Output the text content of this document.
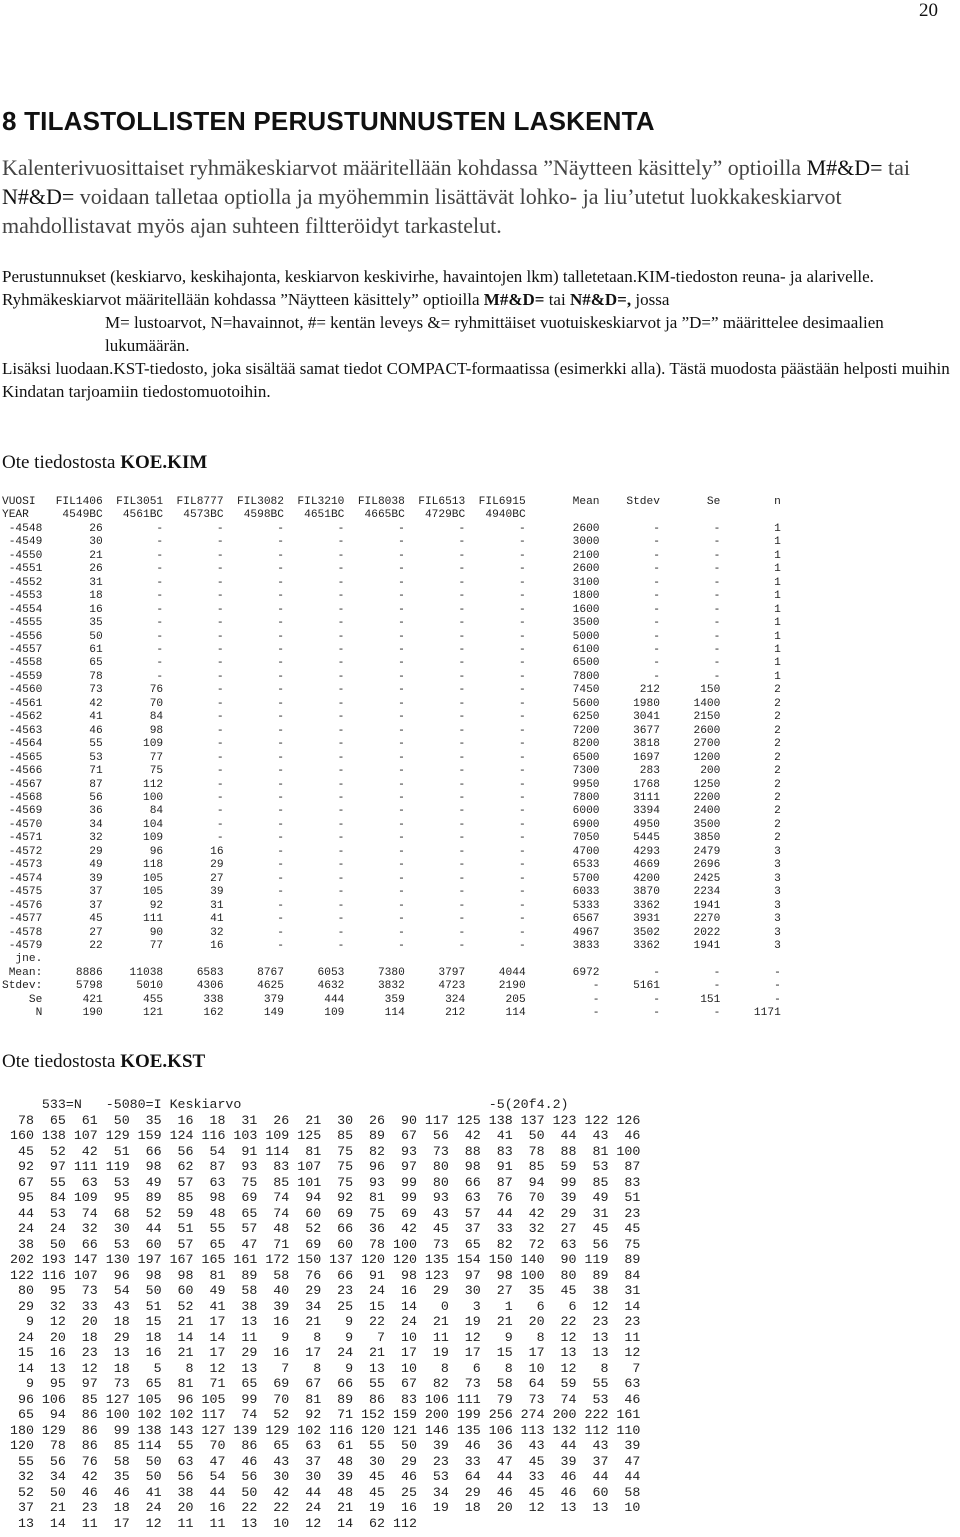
20
8 TILASTOLLISTEN PERUSTUNNUSTEN LASKENTA
Kalenterivuosittaiset ryhmäkeskiarvot määritellään kohdassa ”Näytteen käsittely” optioilla M#&D= tai N#&D= voidaan talletaa optiolla ja myöhemmin lisättävät lohko- ja liu’utetut luokkakeskiarvot mahdollistavat myös ajan suhteen filtteröidyt tarkastelut.
Perustunnukset (keskiarvo, keskihajonta, keskiarvon keskivirhe, havaintojen lkm) talletetaan.KIM-tiedoston reuna- ja alarivelle. Ryhmäkeskiarvot määritellään kohdassa ”Näytteen käsittely” optioilla M#&D= tai N#&D=, jossa
M= lustoarvot, N=havainnot, #= kentän leveys &= ryhmittäiset vuotuiskeskiarvot ja ”D=” määrittelee desimaalien lukumäärän.
Lisäksi luodaan.KST-tiedosto, joka sisältää samat tiedot COMPACT-formaatissa (esimerkki alla). Tästä muodosta päästään helposti muihin Kindatan tarjoamiin tiedostomuotoihin.
Ote tiedostosta KOE.KIM
VUOSI   FIL1406  FIL3051  FIL8777  FIL3082  FIL3210  FIL8038  FIL6513  FIL6915       Mean    Stdev       Se        n
YEAR     4549BC   4561BC   4573BC   4598BC   4651BC   4665BC   4729BC   4940BC
-4548       26        -        -        -        -        -        -        -       2600        -        -        1
-4549       30        -        -        -        -        -        -        -       3000        -        -        1
-4550       21        -        -        -        -        -        -        -       2100        -        -        1
-4551       26        -        -        -        -        -        -        -       2600        -        -        1
-4552       31        -        -        -        -        -        -        -       3100        -        -        1
-4553       18        -        -        -        -        -        -        -       1800        -        -        1
-4554       16        -        -        -        -        -        -        -       1600        -        -        1
-4555       35        -        -        -        -        -        -        -       3500        -        -        1
-4556       50        -        -        -        -        -        -        -       5000        -        -        1
-4557       61        -        -        -        -        -        -        -       6100        -        -        1
-4558       65        -        -        -        -        -        -        -       6500        -        -        1
-4559       78        -        -        -        -        -        -        -       7800        -        -        1
-4560       73       76        -        -        -        -        -        -       7450      212      150        2
-4561       42       70        -        -        -        -        -        -       5600     1980     1400        2
-4562       41       84        -        -        -        -        -        -       6250     3041     2150        2
-4563       46       98        -        -        -        -        -        -       7200     3677     2600        2
-4564       55      109        -        -        -        -        -        -       8200     3818     2700        2
-4565       53       77        -        -        -        -        -        -       6500     1697     1200        2
-4566       71       75        -        -        -        -        -        -       7300      283      200        2
-4567       87      112        -        -        -        -        -        -       9950     1768     1250        2
-4568       56      100        -        -        -        -        -        -       7800     3111     2200        2
-4569       36       84        -        -        -        -        -        -       6000     3394     2400        2
-4570       34      104        -        -        -        -        -        -       6900     4950     3500        2
-4571       32      109        -        -        -        -        -        -       7050     5445     3850        2
-4572       29       96       16        -        -        -        -        -       4700     4293     2479        3
-4573       49      118       29        -        -        -        -        -       6533     4669     2696        3
-4574       39      105       27        -        -        -        -        -       5700     4200     2425        3
-4575       37      105       39        -        -        -        -        -       6033     3870     2234        3
-4576       37       92       31        -        -        -        -        -       5333     3362     1941        3
-4577       45      111       41        -        -        -        -        -       6567     3931     2270        3
-4578       27       90       32        -        -        -        -        -       4967     3502     2022        3
-4579       22       77       16        -        -        -        -        -       3833     3362     1941        3
jne.
Mean:     8886    11038     6583     8767     6053     7380     3797     4044       6972        -        -        -
Stdev:     5798     5010     4306     4625     4632     3832     4723     2190          -     5161        -        -
Se      421      455      338      379      444      359      324      205          -        -      151        -
N      190      121      162      149      109      114      212      114          -        -        -     1171
Ote tiedostosta KOE.KST
533=N   -5080=I Keskiarvo                               -5(20f4.2)
78  65  61  50  35  16  18  31  26  21  30  26  90 117 125 138 137 123 122 126
160 138 107 129 159 124 116 103 109 125  85  89  67  56  42  41  50  44  43  46
45  52  42  51  66  56  54  91 114  81  75  82  93  73  88  83  78  88  81 100
92  97 111 119  98  62  87  93  83 107  75  96  97  80  98  91  85  59  53  87
67  55  63  53  49  57  63  75  85 101  75  93  99  80  66  87  94  99  85  83
95  84 109  95  89  85  98  69  74  94  92  81  99  93  63  76  70  39  49  51
44  53  74  68  52  59  48  65  74  60  69  75  69  43  57  44  42  29  31  23
24  24  32  30  44  51  55  57  48  52  66  36  42  45  37  33  32  27  45  45
38  50  66  53  60  57  65  47  71  69  60  78 100  73  65  82  72  63  56  75
202 193 147 130 197 167 165 161 172 150 137 120 120 135 154 150 140  90 119  89
122 116 107  96  98  98  81  89  58  76  66  91  98 123  97  98 100  80  89  84
80  95  73  54  50  60  49  58  40  29  23  24  16  29  30  27  35  45  38  31
29  32  33  43  51  52  41  38  39  34  25  15  14   0   3   1   6   6  12  14
9  12  20  18  15  21  17  13  16  21   9  22  24  21  19  21  20  22  23  23
24  20  18  29  18  14  14  11   9   8   9   7  10  11  12   9   8  12  13  11
15  16  23  13  16  21  17  29  16  17  24  21  17  19  17  15  17  13  13  12
14  13  12  18   5   8  12  13   7   8   9  13  10   8   6   8  10  12   8   7
9  95  97  73  65  81  71  65  69  67  66  55  67  82  73  58  64  59  55  63
96 106  85 127 105  96 105  99  70  81  89  86  83 106 111  79  73  74  53  46
65  94  86 100 102 102 117  74  52  92  71 152 159 200 199 256 274 200 222 161
180 129  86  99 138 143 127 139 129 102 116 120 121 146 135 106 113 132 112 110
120  78  86  85 114  55  70  86  65  63  61  55  50  39  46  36  43  44  43  39
55  56  76  58  50  63  47  46  43  37  48  30  29  23  33  47  45  39  37  47
32  34  42  35  50  56  54  56  30  30  39  45  46  53  64  44  33  46  44  44
52  50  46  46  41  38  44  50  42  44  48  45  25  34  29  46  45  46  60  58
37  21  23  18  24  20  16  22  22  24  21  19  16  19  18  20  12  13  13  10
13  14  11  17  12  11  11  13  10  12  14  62 112
